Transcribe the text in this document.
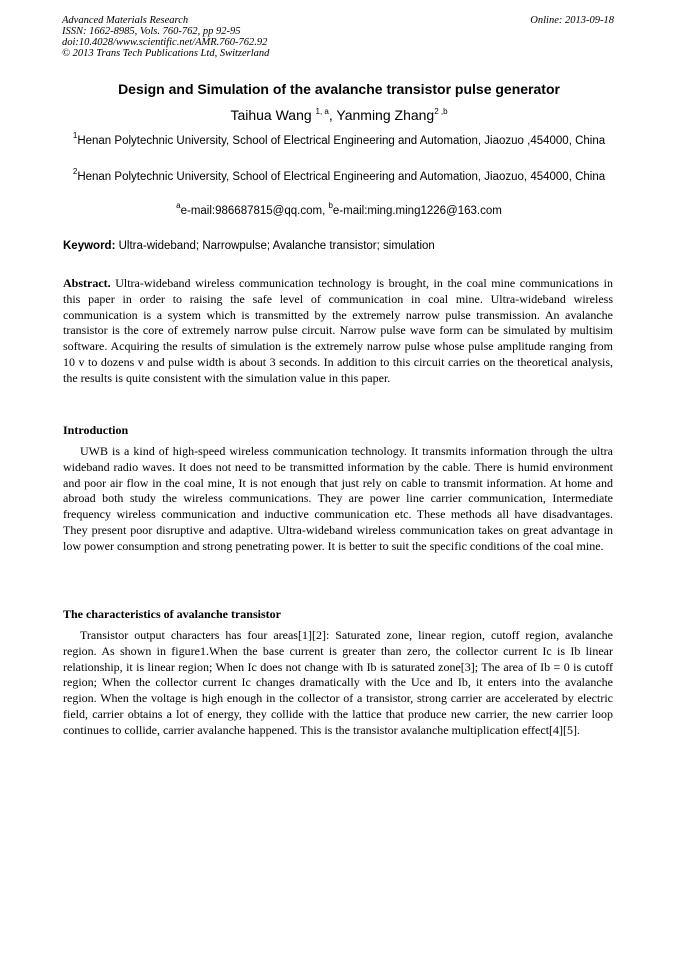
Advanced Materials Research
ISSN: 1662-8985, Vols. 760-762, pp 92-95
doi:10.4028/www.scientific.net/AMR.760-762.92
© 2013 Trans Tech Publications Ltd, Switzerland
Online: 2013-09-18
Design and Simulation of the avalanche transistor pulse generator
Taihua Wang $^{1, a}$, Yanming Zhang$^{2 ,b}$
$^1$Henan Polytechnic University, School of Electrical Engineering and Automation, Jiaozuo ,454000, China
$^2$Henan Polytechnic University, School of Electrical Engineering and Automation, Jiaozuo, 454000, China
$^a$e-mail:986687815@qq.com, $^b$e-mail:ming.ming1226@163.com
Keyword: Ultra-wideband; Narrowpulse; Avalanche transistor; simulation
Abstract. Ultra-wideband wireless communication technology is brought, in the coal mine communications in this paper in order to raising the safe level of communication in coal mine. Ultra-wideband wireless communication is a system which is transmitted by the extremely narrow pulse transmission. An avalanche transistor is the core of extremely narrow pulse circuit. Narrow pulse wave form can be simulated by multisim software. Acquiring the results of simulation is the extremely narrow pulse whose pulse amplitude ranging from 10 v to dozens v and pulse width is about 3 seconds. In addition to this circuit carries on the theoretical analysis, the results is quite consistent with the simulation value in this paper.
Introduction
UWB is a kind of high-speed wireless communication technology. It transmits information through the ultra wideband radio waves. It does not need to be transmitted information by the cable. There is humid environment and poor air flow in the coal mine, It is not enough that just rely on cable to transmit information. At home and abroad both study the wireless communications. They are power line carrier communication, Intermediate frequency wireless communication and inductive communication etc. These methods all have disadvantages. They present poor disruptive and adaptive. Ultra-wideband wireless communication takes on great advantage in low power consumption and strong penetrating power. It is better to suit the specific conditions of the coal mine.
The characteristics of avalanche transistor
Transistor output characters has four areas[1][2]: Saturated zone, linear region, cutoff region, avalanche region. As shown in figure1.When the base current is greater than zero, the collector current Ic is Ib linear relationship, it is linear region; When Ic does not change with Ib is saturated zone[3]; The area of Ib = 0 is cutoff region; When the collector current Ic changes dramatically with the Uce and Ib, it enters into the avalanche region. When the voltage is high enough in the collector of a transistor, strong carrier are accelerated by electric field, carrier obtains a lot of energy, they collide with the lattice that produce new carrier, the new carrier loop continues to collide, carrier avalanche happened. This is the transistor avalanche multiplication effect[4][5].
